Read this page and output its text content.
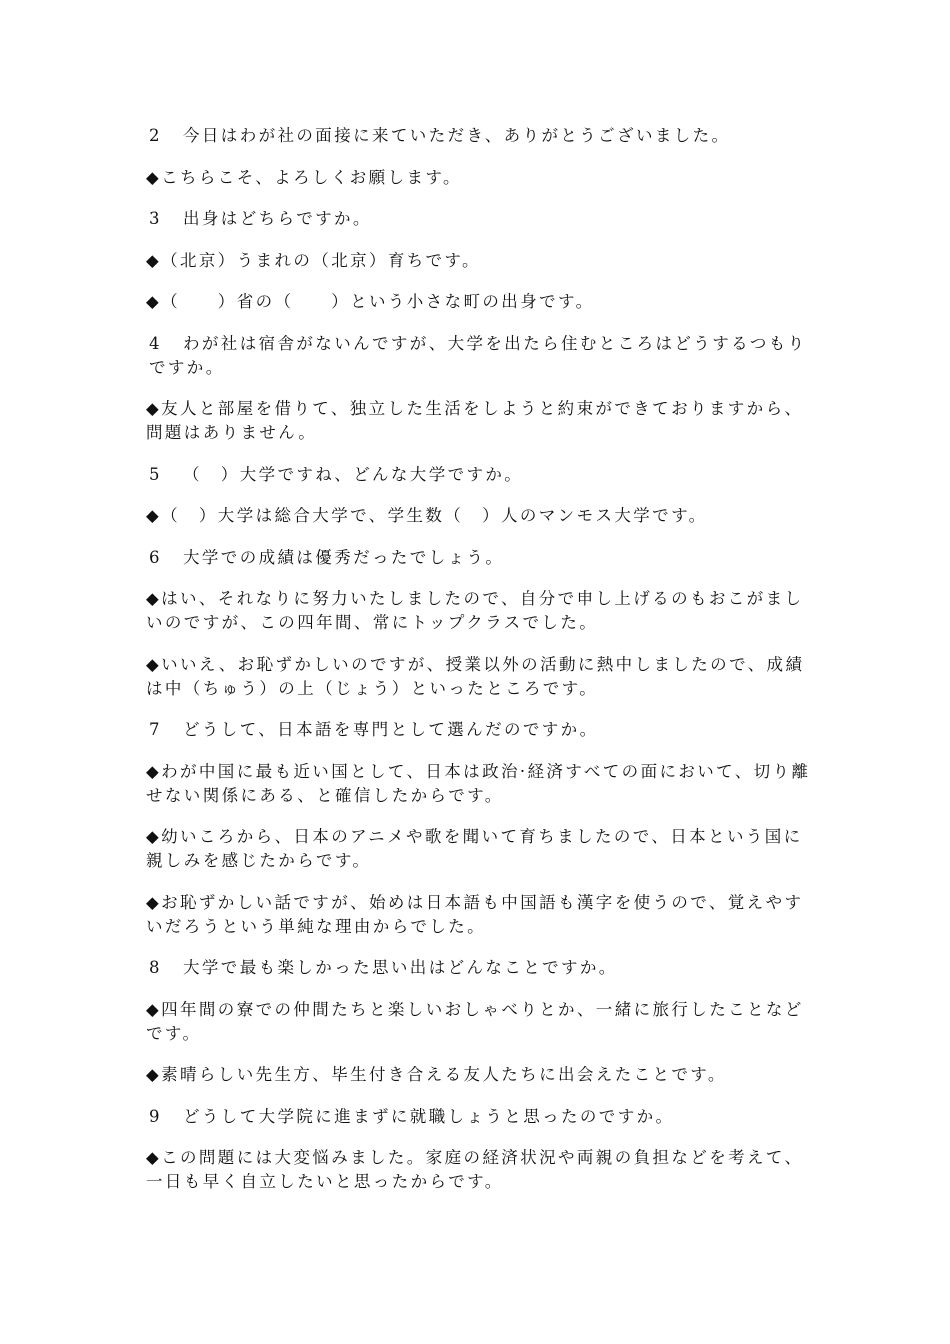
2 今日はわが社の面接に来ていただき、ありがとうございました。

◆こちらこそ、よろしくお願します。

3 出身はどちらですか。

◆（北京）うまれの（北京）育ちです。

◆（　　）省の（　　）という小さな町の出身です。

4 わが社は宿舎がないんですが、大学を出たら住むところはどうするつもりですか。

◆友人と部屋を借りて、独立した生活をしようと約束ができておりますから、問題はありません。

5 （　）大学ですね、どんな大学ですか。

◆（　）大学は総合大学で、学生数（　）人のマンモス大学です。

6 大学での成績は優秀だったでしょう。

◆はい、それなりに努力いたしましたので、自分で申し上げるのもおこがましいのですが、この四年間、常にトップクラスでした。

◆いいえ、お恥ずかしいのですが、授業以外の活動に熱中しましたので、成績は中（ちゅう）の上（じょう）といったところです。

7 どうして、日本語を専門として選んだのですか。

◆わが中国に最も近い国として、日本は政治·経済すべての面において、切り離せない関係にある、と確信したからです。

◆幼いころから、日本のアニメや歌を聞いて育ちましたので、日本という国に親しみを感じたからです。

◆お恥ずかしい話ですが、始めは日本語も中国語も漢字を使うので、覚えやすいだろうという単純な理由からでした。

8 大学で最も楽しかった思い出はどんなことですか。

◆四年間の寮での仲間たちと楽しいおしゃべりとか、一緒に旅行したことなどです。

◆素晴らしい先生方、毕生付き合える友人たちに出会えたことです。

9 どうして大学院に進まずに就職しょうと思ったのですか。

◆この問題には大変悩みました。家庭の経済状況や両親の負担などを考えて、一日も早く自立したいと思ったからです。
